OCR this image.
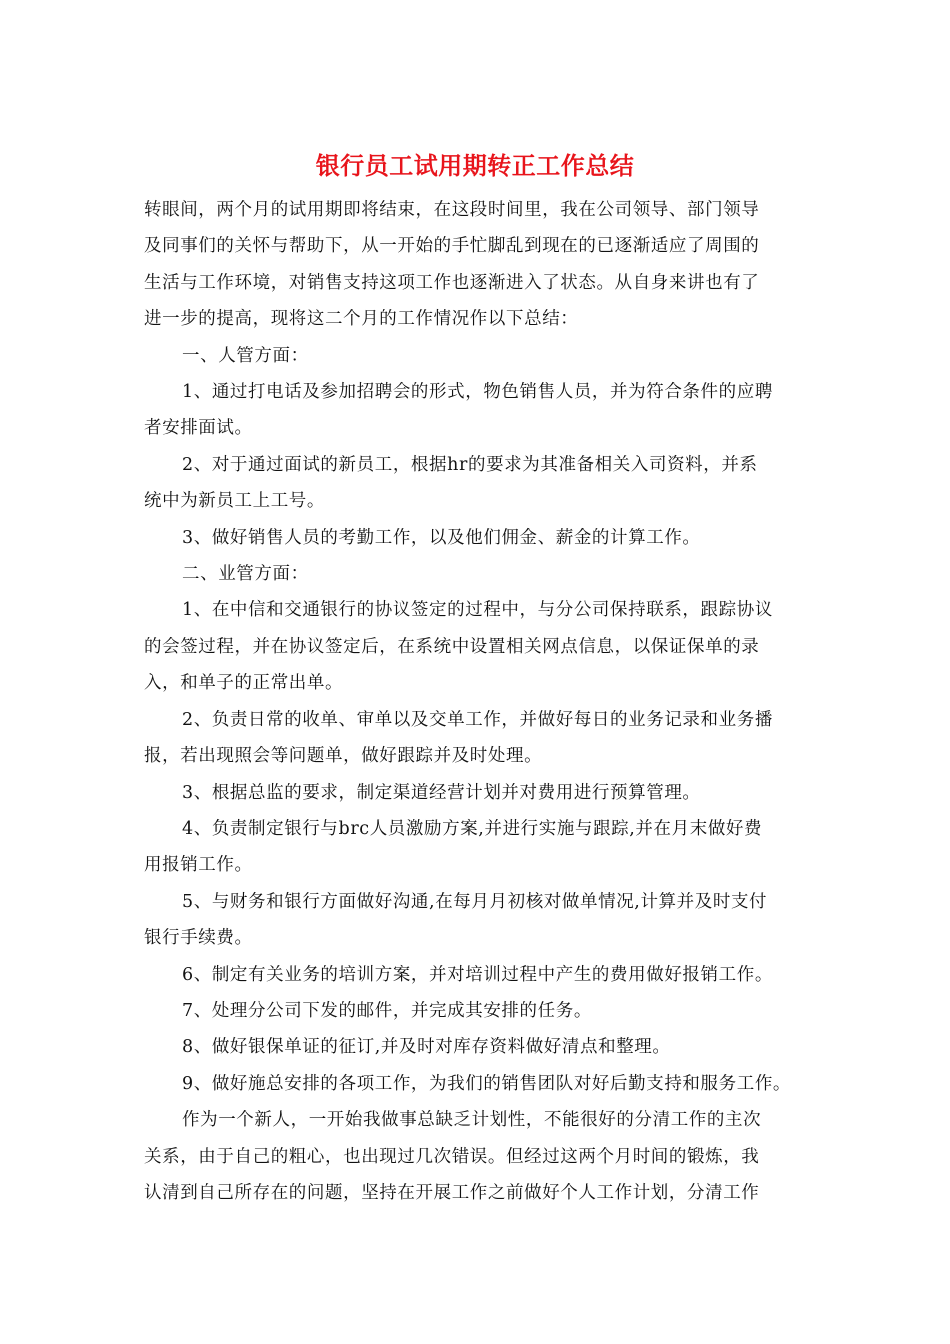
银行员工试用期转正工作总结

转眼间，两个月的试用期即将结束，在这段时间里，我在公司领导、部门领导

及同事们的关怀与帮助下，从一开始的手忙脚乱到现在的已逐渐适应了周围的

生活与工作环境，对销售支持这项工作也逐渐进入了状态。从自身来讲也有了

进一步的提高，现将这二个月的工作情况作以下总结：

一、人管方面：

1、通过打电话及参加招聘会的形式，物色销售人员，并为符合条件的应聘

者安排面试。

2、对于通过面试的新员工，根据hr的要求为其准备相关入司资料，并系

统中为新员工上工号。

3、做好销售人员的考勤工作，以及他们佣金、薪金的计算工作。

二、业管方面：

1、在中信和交通银行的协议签定的过程中，与分公司保持联系，跟踪协议

的会签过程，并在协议签定后，在系统中设置相关网点信息，以保证保单的录

入，和单子的正常出单。

2、负责日常的收单、审单以及交单工作，并做好每日的业务记录和业务播

报，若出现照会等问题单，做好跟踪并及时处理。

3、根据总监的要求，制定渠道经营计划并对费用进行预算管理。

4、负责制定银行与brc人员激励方案,并进行实施与跟踪,并在月末做好费

用报销工作。

5、与财务和银行方面做好沟通,在每月月初核对做单情况,计算并及时支付

银行手续费。

6、制定有关业务的培训方案，并对培训过程中产生的费用做好报销工作。

7、处理分公司下发的邮件，并完成其安排的任务。

8、做好银保单证的征订,并及时对库存资料做好清点和整理。

9、做好施总安排的各项工作，为我们的销售团队对好后勤支持和服务工作。

作为一个新人，一开始我做事总缺乏计划性，不能很好的分清工作的主次

关系，由于自己的粗心，也出现过几次错误。但经过这两个月时间的锻炼，我

认清到自己所存在的问题，坚持在开展工作之前做好个人工作计划，分清工作
